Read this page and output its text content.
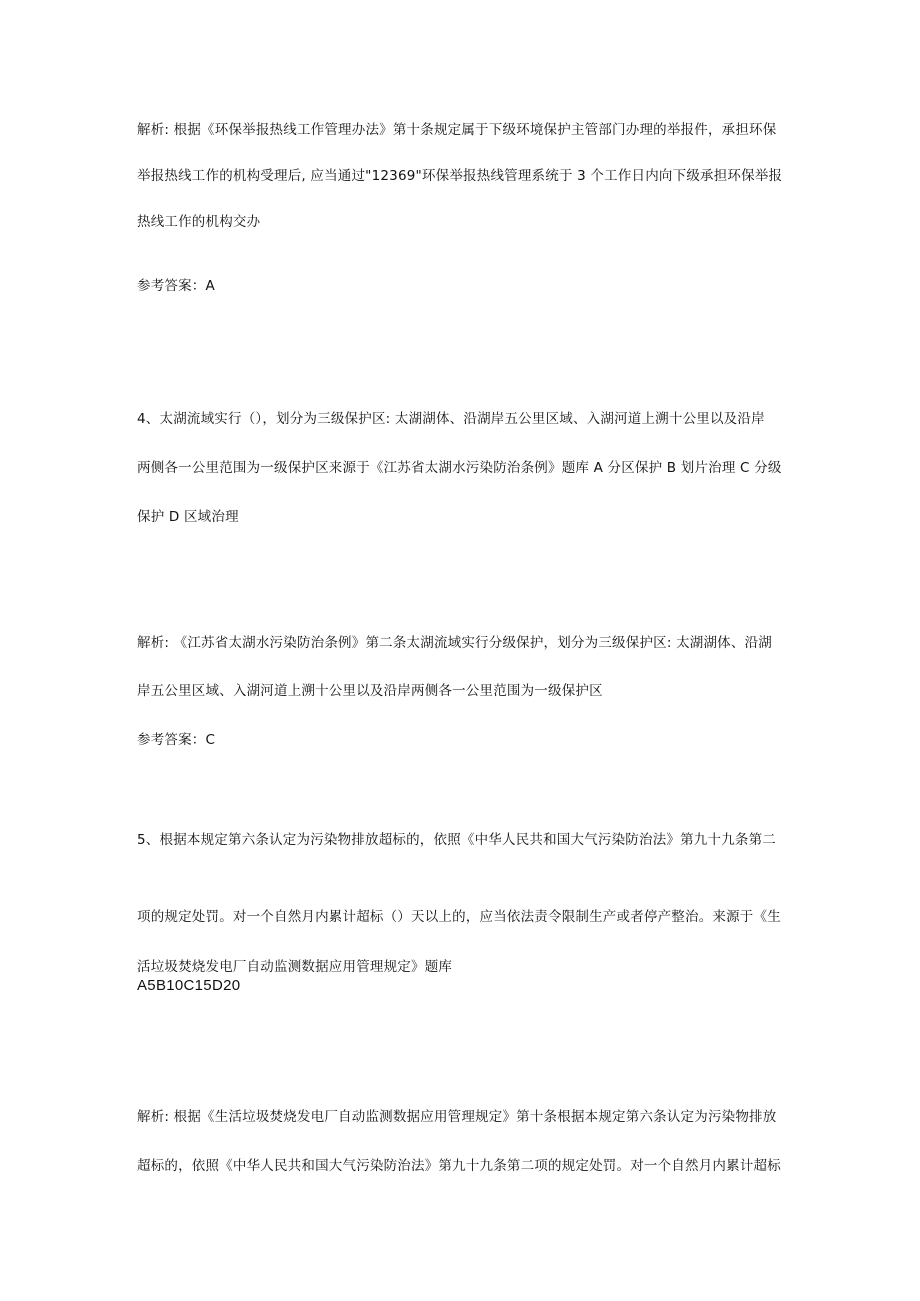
解析: 根据《环保举报热线工作管理办法》第十条规定属于下级环境保护主管部门办理的举报件，承担环保
举报热线工作的机构受理后, 应当通过"12369"环保举报热线管理系统于 3 个工作日内向下级承担环保举报
热线工作的机构交办
参考答案：A
4、太湖流域实行（），划分为三级保护区: 太湖湖体、沿湖岸五公里区域、入湖河道上溯十公里以及沿岸
两侧各一公里范围为一级保护区来源于《江苏省太湖水污染防治条例》题库 A 分区保护 B 划片治理 C 分级
保护 D 区域治理
解析: 《江苏省太湖水污染防治条例》第二条太湖流域实行分级保护，划分为三级保护区: 太湖湖体、沿湖
岸五公里区域、入湖河道上溯十公里以及沿岸两侧各一公里范围为一级保护区
参考答案：C
5、根据本规定第六条认定为污染物排放超标的，依照《中华人民共和国大气污染防治法》第九十九条第二
项的规定处罚。对一个自然月内累计超标（）天以上的，应当依法责令限制生产或者停产整治。来源于《生
活垃圾焚烧发电厂自动监测数据应用管理规定》题库
A5B10C15D20
解析: 根据《生活垃圾焚烧发电厂自动监测数据应用管理规定》第十条根据本规定第六条认定为污染物排放
超标的，依照《中华人民共和国大气污染防治法》第九十九条第二项的规定处罚。对一个自然月内累计超标
